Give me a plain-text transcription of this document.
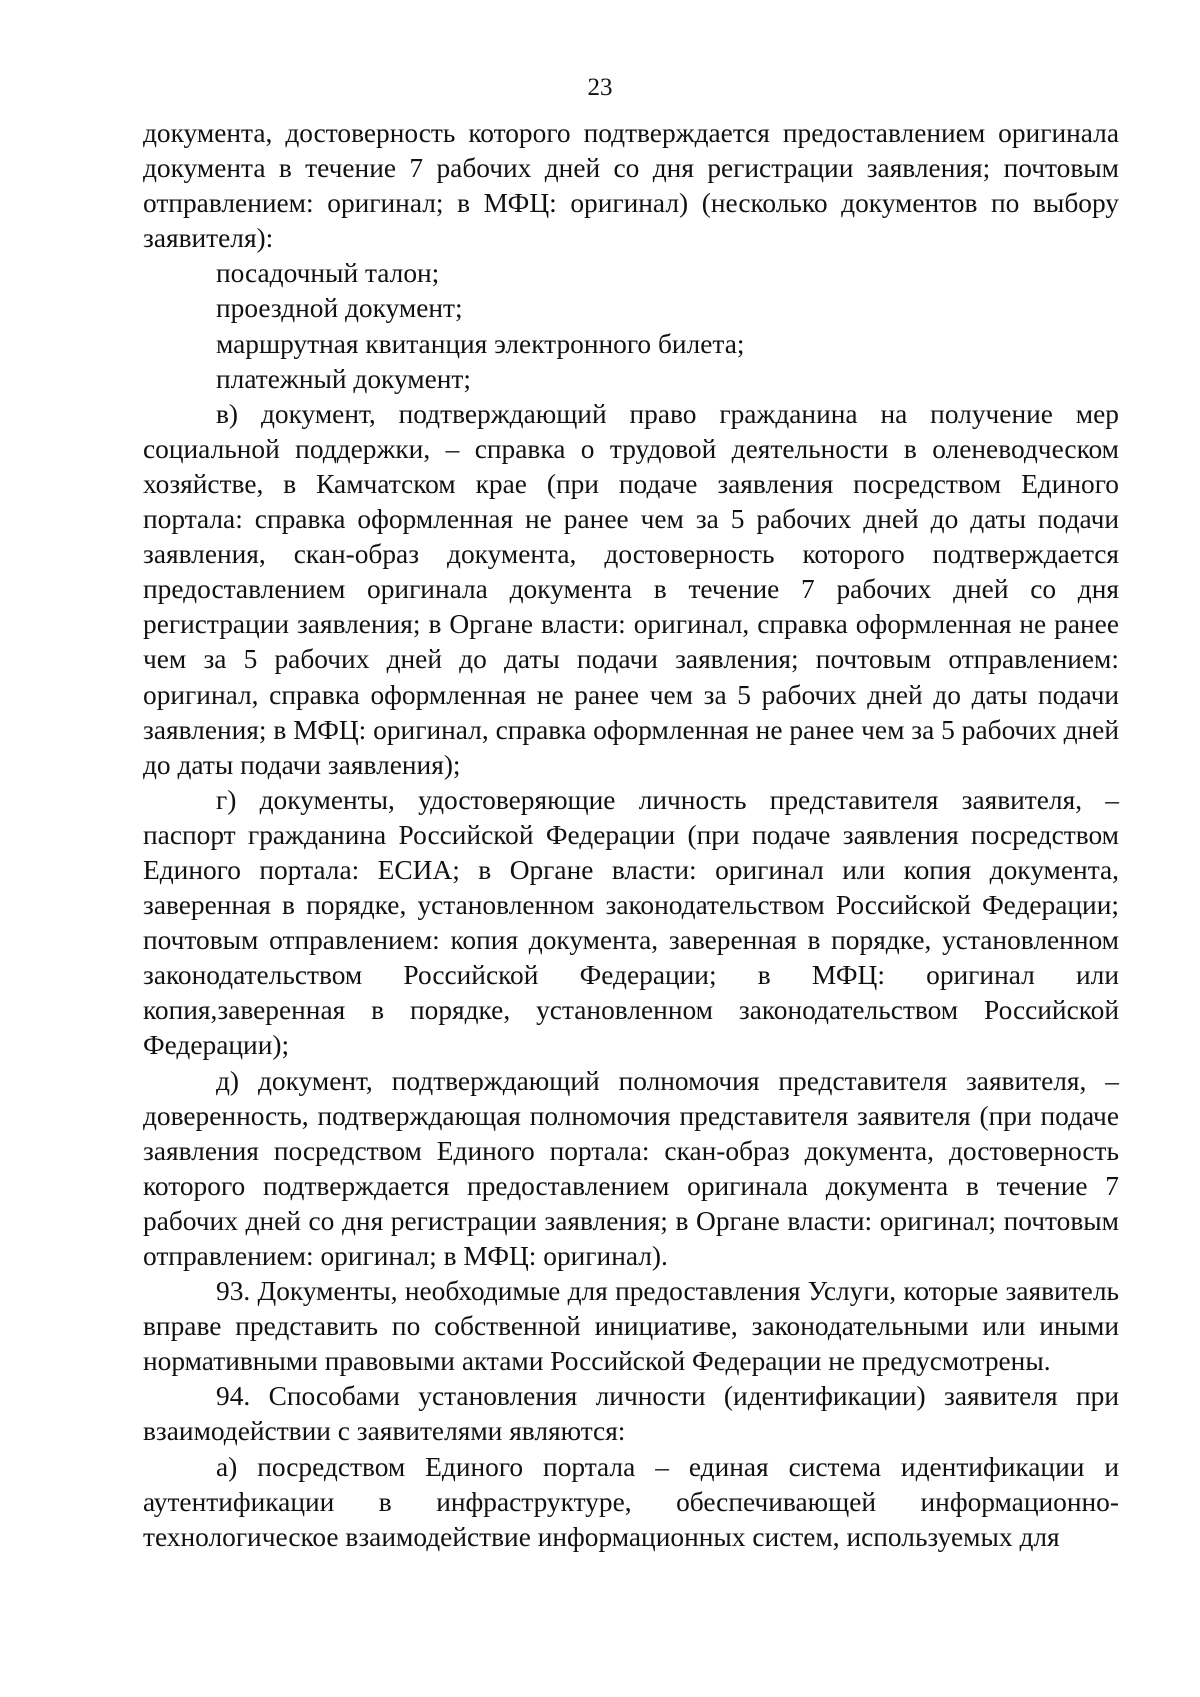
23

документа, достоверность которого подтверждается предоставлением оригинала документа в течение 7 рабочих дней со дня регистрации заявления; почтовым отправлением: оригинал; в МФЦ: оригинал) (несколько документов по выбору заявителя):

посадочный талон;

проездной документ;

маршрутная квитанция электронного билета;

платежный документ;

в) документ, подтверждающий право гражданина на получение мер социальной поддержки, – справка о трудовой деятельности в оленеводческом хозяйстве, в Камчатском крае (при подаче заявления посредством Единого портала: справка оформленная не ранее чем за 5 рабочих дней до даты подачи заявления, скан-образ документа, достоверность которого подтверждается предоставлением оригинала документа в течение 7 рабочих дней со дня регистрации заявления; в Органе власти: оригинал, справка оформленная не ранее чем за 5 рабочих дней до даты подачи заявления; почтовым отправлением: оригинал, справка оформленная не ранее чем за 5 рабочих дней до даты подачи заявления; в МФЦ: оригинал, справка оформленная не ранее чем за 5 рабочих дней до даты подачи заявления);

г) документы, удостоверяющие личность представителя заявителя, – паспорт гражданина Российской Федерации (при подаче заявления посредством Единого портала: ЕСИА; в Органе власти: оригинал или копия документа, заверенная в порядке, установленном законодательством Российской Федерации; почтовым отправлением: копия документа, заверенная в порядке, установленном законодательством Российской Федерации; в МФЦ: оригинал или копия,заверенная в порядке, установленном законодательством Российской Федерации);

д) документ, подтверждающий полномочия представителя заявителя, – доверенность, подтверждающая полномочия представителя заявителя (при подаче заявления посредством Единого портала: скан-образ документа, достоверность которого подтверждается предоставлением оригинала документа в течение 7 рабочих дней со дня регистрации заявления; в Органе власти: оригинал; почтовым отправлением: оригинал; в МФЦ: оригинал).

93. Документы, необходимые для предоставления Услуги, которые заявитель вправе представить по собственной инициативе, законодательными или иными нормативными правовыми актами Российской Федерации не предусмотрены.

94. Способами установления личности (идентификации) заявителя при взаимодействии с заявителями являются:

а) посредством Единого портала – единая система идентификации и аутентификации в инфраструктуре, обеспечивающей информационно-технологическое взаимодействие информационных систем, используемых для
